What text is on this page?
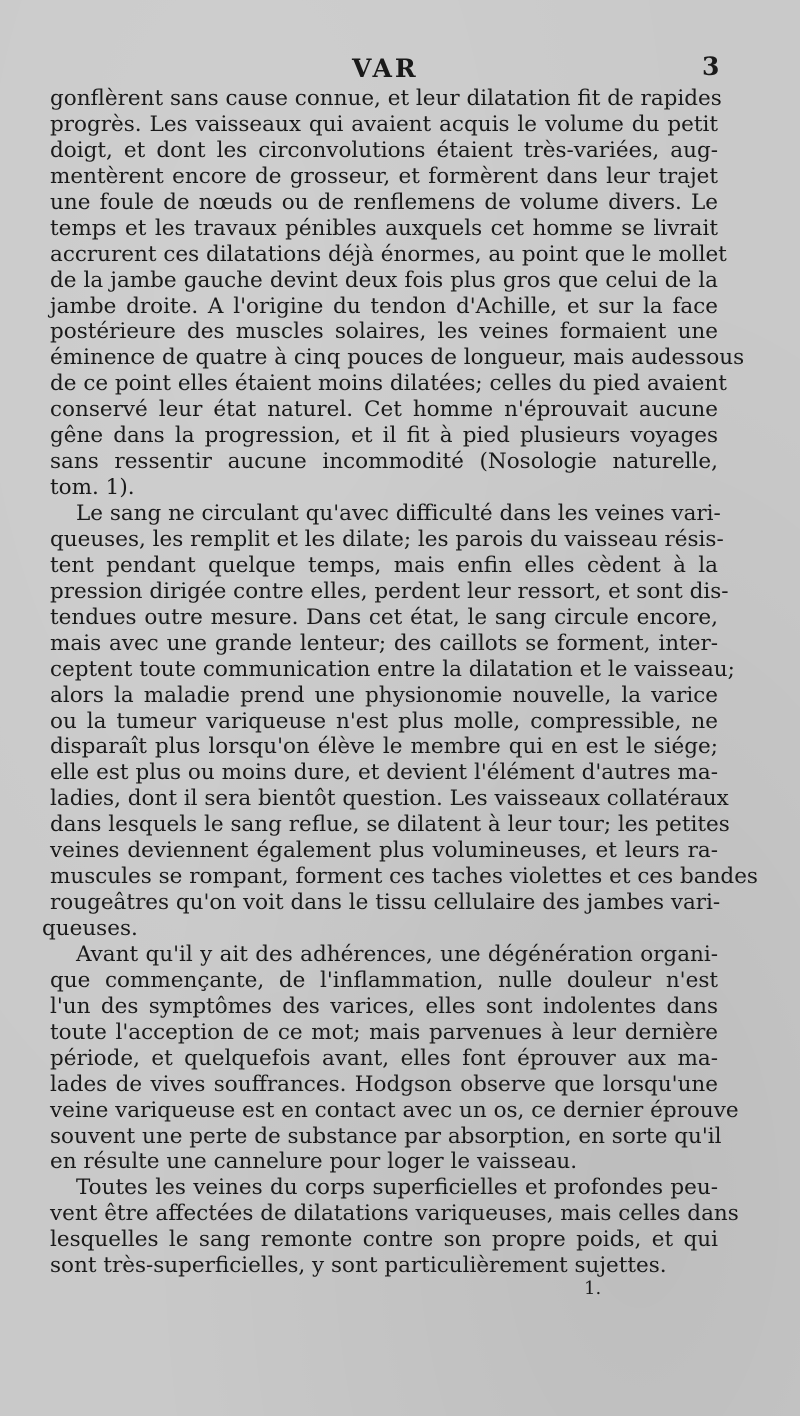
VAR	3
gonflèrent sans cause connue, et leur dilatation fit de rapides
progrès. Les vaisseaux qui avaient acquis le volume du petit
doigt, et dont les circonvolutions étaient très-variées, aug-
mentèrent encore de grosseur, et formèrent dans leur trajet
une foule de nœuds ou de renflemens de volume divers. Le
temps et les travaux pénibles auxquels cet homme se livrait
accrurent ces dilatations déjà énormes, au point que le mollet
de la jambe gauche devint deux fois plus gros que celui de la
jambe droite. A l'origine du tendon d'Achille, et sur la face
postérieure des muscles solaires, les veines formaient une
éminence de quatre à cinq pouces de longueur, mais audessous
de ce point elles étaient moins dilatées; celles du pied avaient
conservé leur état naturel. Cet homme n'éprouvait aucune
gêne dans la progression, et il fit à pied plusieurs voyages
sans ressentir aucune incommodité (Nosologie naturelle,
tom. 1).
Le sang ne circulant qu'avec difficulté dans les veines vari-
queuses, les remplit et les dilate; les parois du vaisseau résis-
tent pendant quelque temps, mais enfin elles cèdent à la
pression dirigée contre elles, perdent leur ressort, et sont dis-
tendues outre mesure. Dans cet état, le sang circule encore,
mais avec une grande lenteur; des caillots se forment, inter-
ceptent toute communication entre la dilatation et le vaisseau;
alors la maladie prend une physionomie nouvelle, la varice
ou la tumeur variqueuse n'est plus molle, compressible, ne
disparaît plus lorsqu'on élève le membre qui en est le siége;
elle est plus ou moins dure, et devient l'élément d'autres ma-
ladies, dont il sera bientôt question. Les vaisseaux collatéraux
dans lesquels le sang reflue, se dilatent à leur tour; les petites
veines deviennent également plus volumineuses, et leurs ra-
muscules se rompant, forment ces taches violettes et ces bandes
rougeâtres qu'on voit dans le tissu cellulaire des jambes vari-
queuses.
Avant qu'il y ait des adhérences, une dégénération organi-
que commençante, de l'inflammation, nulle douleur n'est
l'un des symptômes des varices, elles sont indolentes dans
toute l'acception de ce mot; mais parvenues à leur dernière
période, et quelquefois avant, elles font éprouver aux ma-
lades de vives souffrances. Hodgson observe que lorsqu'une
veine variqueuse est en contact avec un os, ce dernier éprouve
souvent une perte de substance par absorption, en sorte qu'il
en résulte une cannelure pour loger le vaisseau.
Toutes les veines du corps superficielles et profondes peu-
vent être affectées de dilatations variqueuses, mais celles dans
lesquelles le sang remonte contre son propre poids, et qui
sont très-superficielles, y sont particulièrement sujettes.
1.
